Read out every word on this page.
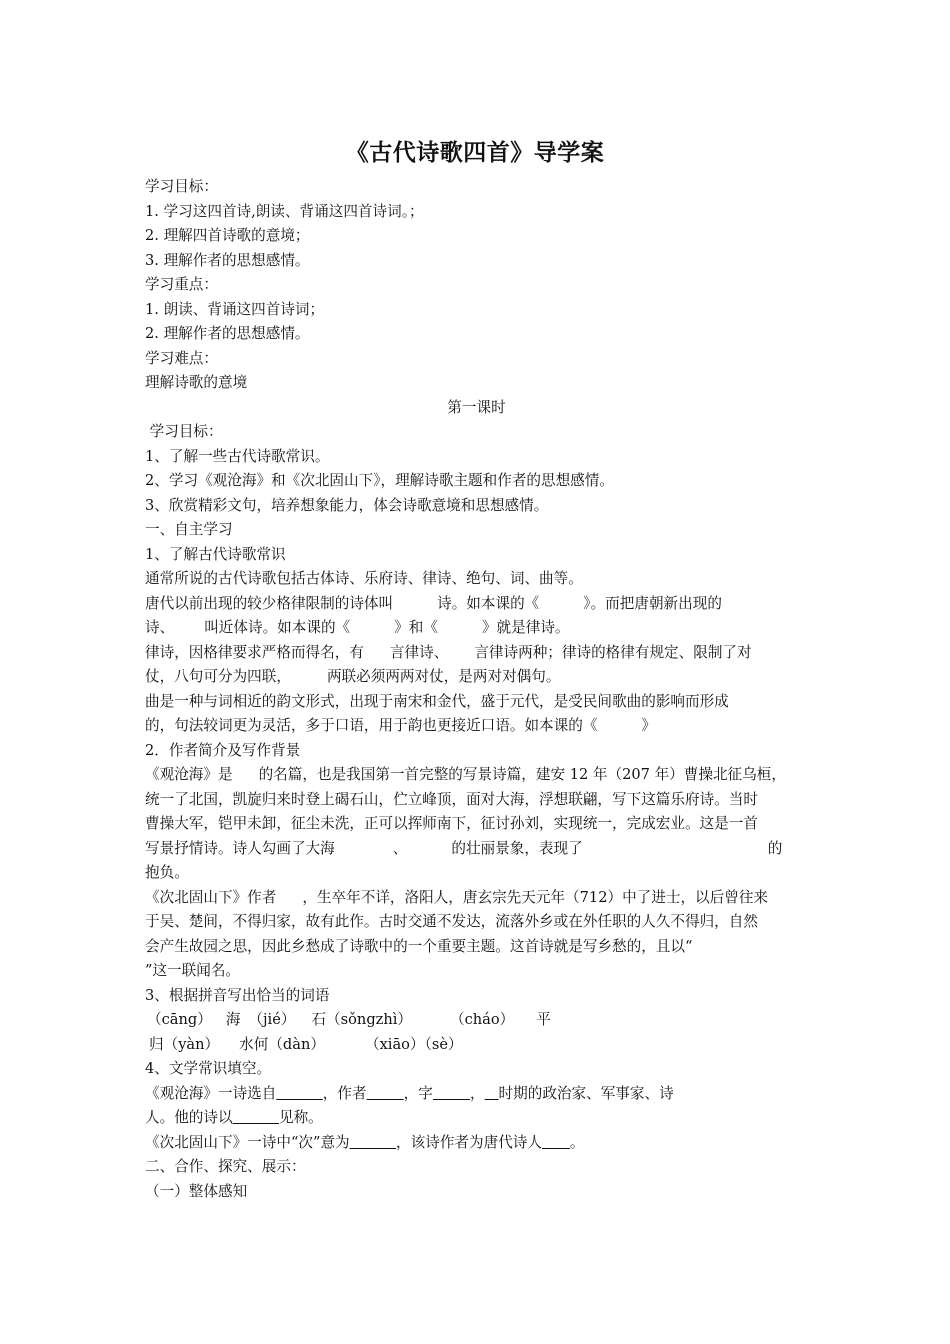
《古代诗歌四首》导学案
学习目标：
1. 学习这四首诗,朗读、背诵这四首诗词。；
2. 理解四首诗歌的意境；
3. 理解作者的思想感情。
学习重点：
1. 朗读、背诵这四首诗词；
2. 理解作者的思想感情。
学习难点：
理解诗歌的意境
第一课时
学习目标：
1、了解一些古代诗歌常识。
2、学习《观沧海》和《次北固山下》，理解诗歌主题和作者的思想感情。
3、欣赏精彩文句，培养想象能力，体会诗歌意境和思想感情。
一、自主学习
1、了解古代诗歌常识
通常所说的古代诗歌包括古体诗、乐府诗、律诗、绝句、词、曲等。
唐代以前出现的较少格律限制的诗体叫	诗。如本课的《	》。而把唐朝新出现的
诗、 叫近体诗。如本课的《	》和《	》就是律诗。
律诗，因格律要求严格而得名，有 言律诗、 言律诗两种；律诗的格律有规定、限制了对
仗，八句可分为四联， 两联必须两两对仗，是两对对偶句。
曲是一种与词相近的韵文形式，出现于南宋和金代，盛于元代，是受民间歌曲的影响而形成
的，句法较词更为灵活，多于口语，用于韵也更接近口语。如本课的《	》
2．作者简介及写作背景
《观沧海》是 的名篇，也是我国第一首完整的写景诗篇，建安 12 年（207 年）曹操北征乌桓，
统一了北国，凯旋归来时登上碣石山，伫立峰顶，面对大海，浮想联翩，写下这篇乐府诗。当时
曹操大军，铠甲未卸，征尘未洗，正可以挥师南下，征讨孙刘，实现统一，完成宏业。这是一首
写景抒情诗。诗人勾画了大海	、	的壮丽景象，表现了	的
抱负。
《次北固山下》作者 ，生卒年不详，洛阳人，唐玄宗先天元年（712）中了进士，以后曾往来
于吴、楚间，不得归家，故有此作。古时交通不发达，流落外乡或在外任职的人久不得归，自然
会产生故园之思，因此乡愁成了诗歌中的一个重要主题。这首诗就是写乡愁的，且以“
”这一联闻名。
3、根据拼音写出恰当的词语
（cāng） 海 （jié） 石（sǒngzhì）	（cháo） 平
归（yàn） 水何（dàn）	（xiāo）（sè）
4、文学常识填空。
《观沧海》一诗选自	，作者	，字	， 时期的政治家、军事家、诗
人。他的诗以	见称。
《次北固山下》一诗中“次”意为	，该诗作者为唐代诗人 。
二、合作、探究、展示：
（一）整体感知
